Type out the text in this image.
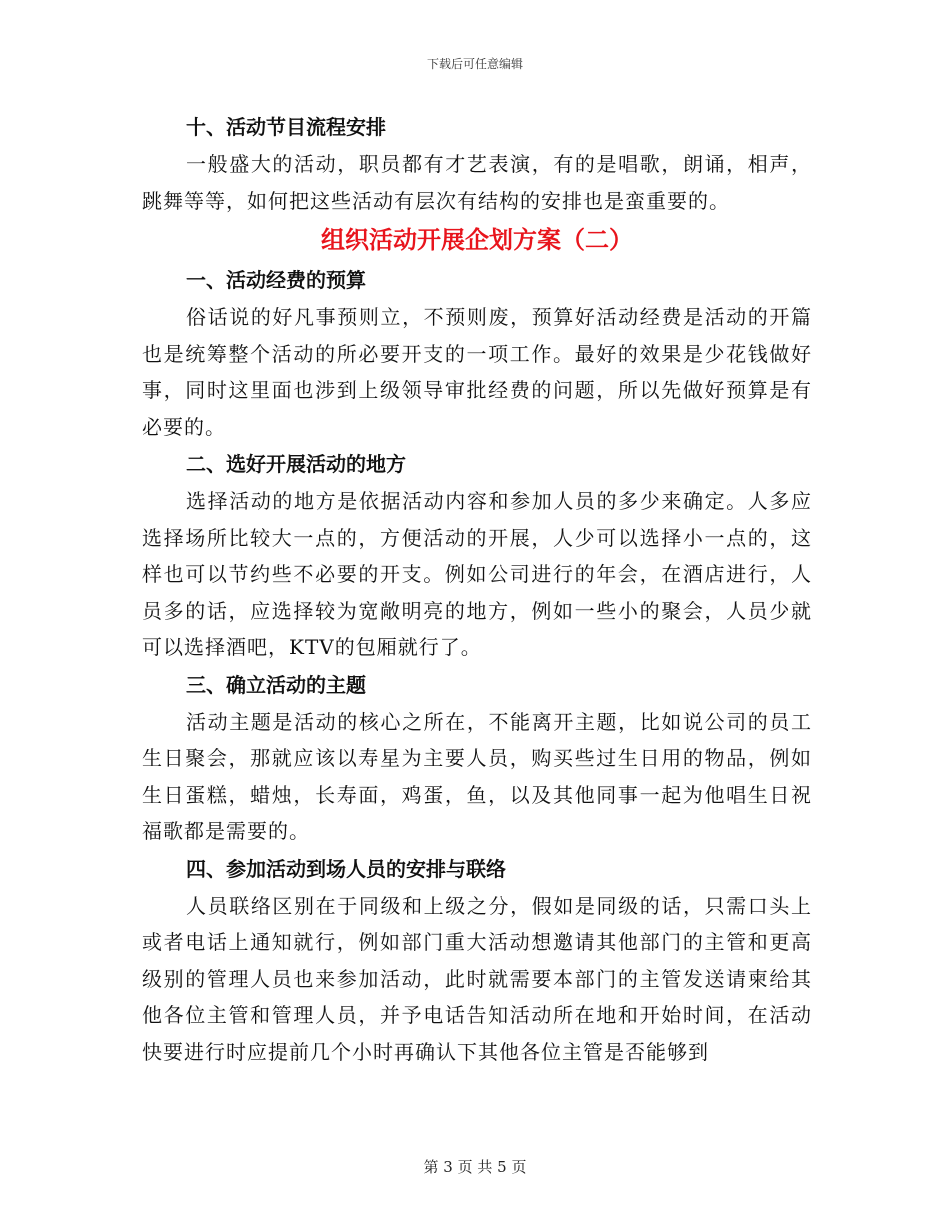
下载后可任意编辑
十、活动节目流程安排

一般盛大的活动，职员都有才艺表演，有的是唱歌，朗诵，相声，跳舞等等，如何把这些活动有层次有结构的安排也是蛮重要的。

组织活动开展企划方案（二）
一、活动经费的预算

俗话说的好凡事预则立，不预则废，预算好活动经费是活动的开篇也是统筹整个活动的所必要开支的一项工作。最好的效果是少花钱做好事，同时这里面也涉到上级领导审批经费的问题，所以先做好预算是有必要的。

二、选好开展活动的地方

选择活动的地方是依据活动内容和参加人员的多少来确定。人多应选择场所比较大一点的，方便活动的开展，人少可以选择小一点的，这样也可以节约些不必要的开支。例如公司进行的年会，在酒店进行，人员多的话，应选择较为宽敞明亮的地方，例如一些小的聚会，人员少就可以选择酒吧，KTV的包厢就行了。

三、确立活动的主题

活动主题是活动的核心之所在，不能离开主题，比如说公司的员工生日聚会，那就应该以寿星为主要人员，购买些过生日用的物品，例如生日蛋糕，蜡烛，长寿面，鸡蛋，鱼，以及其他同事一起为他唱生日祝福歌都是需要的。

四、参加活动到场人员的安排与联络

人员联络区别在于同级和上级之分，假如是同级的话，只需口头上或者电话上通知就行，例如部门重大活动想邀请其他部门的主管和更高级别的管理人员也来参加活动，此时就需要本部门的主管发送请柬给其他各位主管和管理人员，并予电话告知活动所在地和开始时间，在活动快要进行时应提前几个小时再确认下其他各位主管是否能够到

第 3 页 共 5 页
